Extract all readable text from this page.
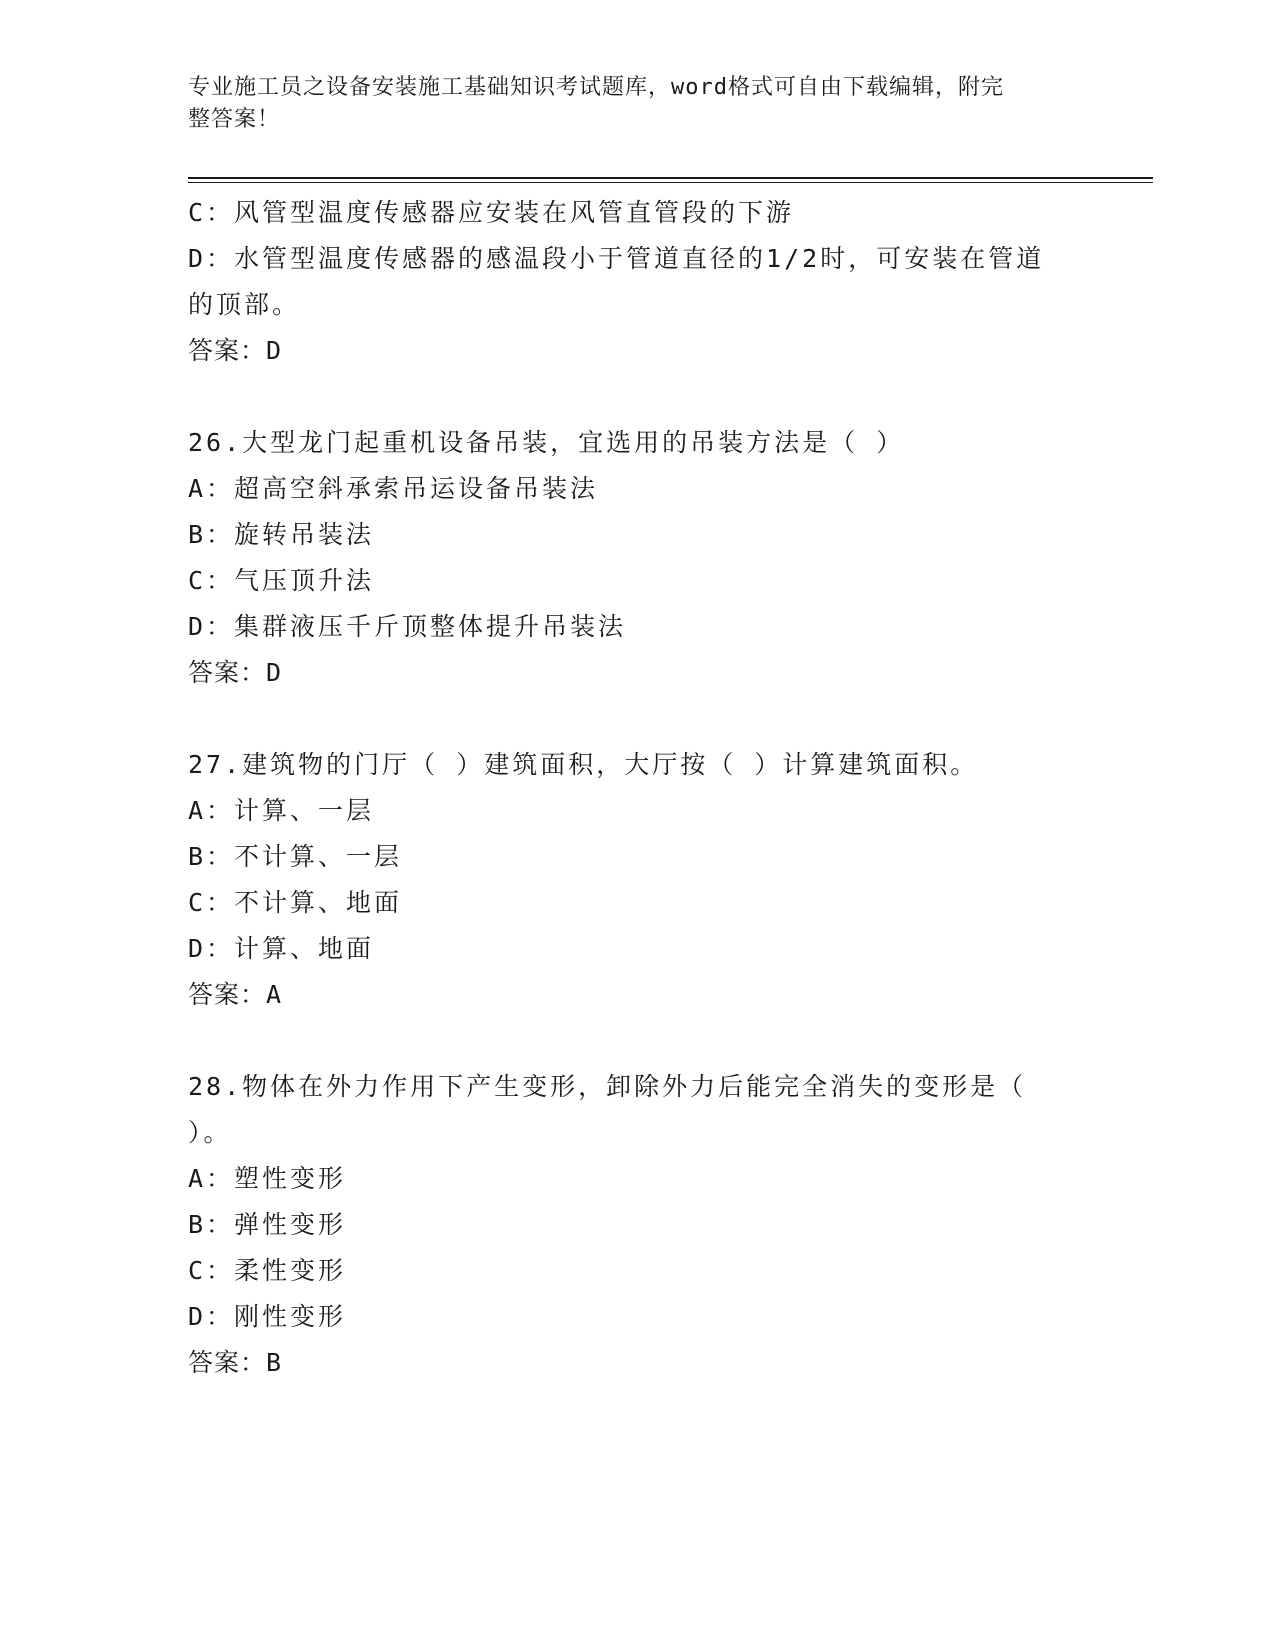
专业施工员之设备安装施工基础知识考试题库，word格式可自由下载编辑，附完
整答案！
C：风管型温度传感器应安装在风管直管段的下游
D：水管型温度传感器的感温段小于管道直径的1/2时，可安装在管道
的顶部。
答案：D
26.大型龙门起重机设备吊装，宜选用的吊装方法是（ ）
A：超高空斜承索吊运设备吊装法
B：旋转吊装法
C：气压顶升法
D：集群液压千斤顶整体提升吊装法
答案：D
27.建筑物的门厅（ ）建筑面积，大厅按（ ）计算建筑面积。
A：计算、一层
B：不计算、一层
C：不计算、地面
D：计算、地面
答案：A
28.物体在外力作用下产生变形，卸除外力后能完全消失的变形是（
）。
A：塑性变形
B：弹性变形
C：柔性变形
D：刚性变形
答案：B
